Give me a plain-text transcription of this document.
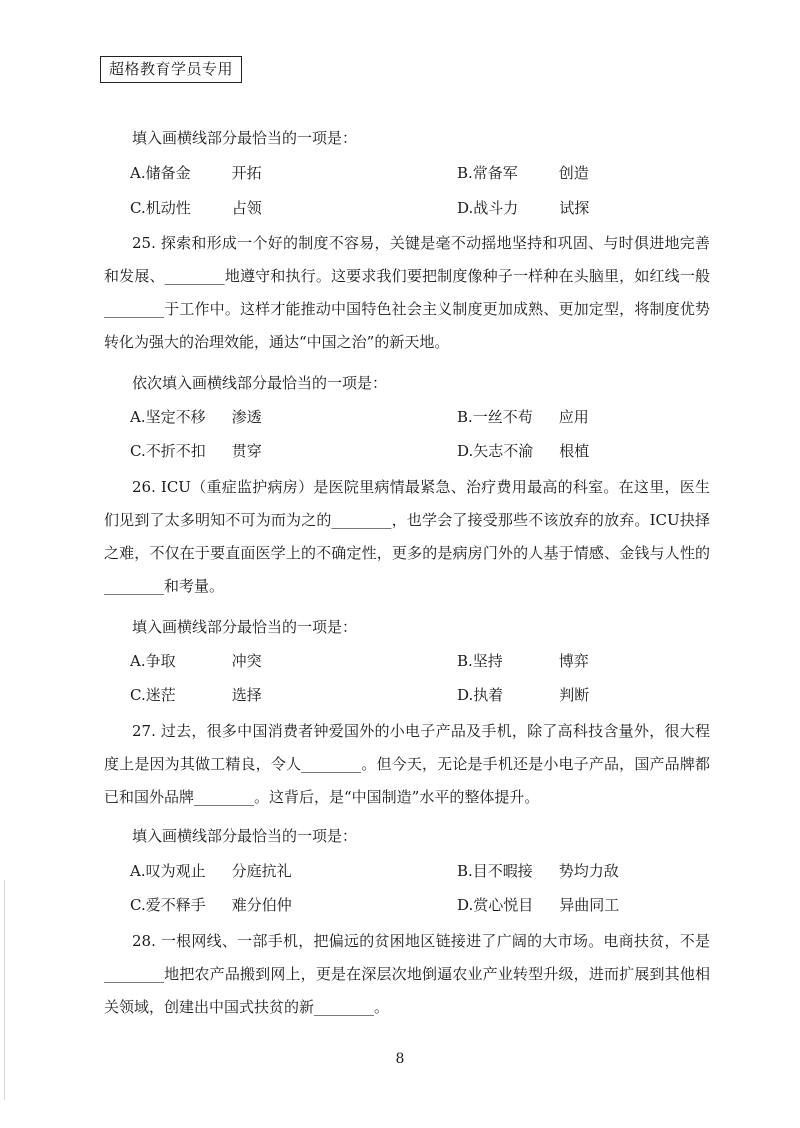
超格教育学员专用
填入画横线部分最恰当的一项是：
A.储备金	开拓	B.常备军	创造
C.机动性	占领	D.战斗力	试探
25. 探索和形成一个好的制度不容易，关键是毫不动摇地坚持和巩固、与时俱进地完善和发展、________地遵守和执行。这要求我们要把制度像种子一样种在头脑里，如红线一般________于工作中。这样才能推动中国特色社会主义制度更加成熟、更加定型，将制度优势转化为强大的治理效能，通达“中国之治”的新天地。
依次填入画横线部分最恰当的一项是：
A.坚定不移 渗透	B.一丝不苟 应用
C.不折不扣 贯穿	D.矢志不渝 根植
26. ICU（重症监护病房）是医院里病情最紧急、治疗费用最高的科室。在这里，医生们见到了太多明知不可为而为之的________，也学会了接受那些不该放弃的放弃。ICU抉择之难，不仅在于要直面医学上的不确定性，更多的是病房门外的人基于情感、金钱与人性的________和考量。
填入画横线部分最恰当的一项是：
A.争取	冲突	B.坚持	博弈
C.迷茫	选择	D.执着	判断
27. 过去，很多中国消费者钟爱国外的小电子产品及手机，除了高科技含量外，很大程度上是因为其做工精良，令人________。但今天，无论是手机还是小电子产品，国产品牌都已和国外品牌________。这背后，是“中国制造”水平的整体提升。
填入画横线部分最恰当的一项是：
A.叹为观止 分庭抗礼	B.目不暇接 势均力敌
C.爱不释手 难分伯仲	D.赏心悦目 异曲同工
28. 一根网线、一部手机，把偏远的贫困地区链接进了广阔的大市场。电商扶贫，不是________地把农产品搬到网上，更是在深层次地倒逼农业产业转型升级，进而扩展到其他相关领域，创建出中国式扶贫的新________。
8
